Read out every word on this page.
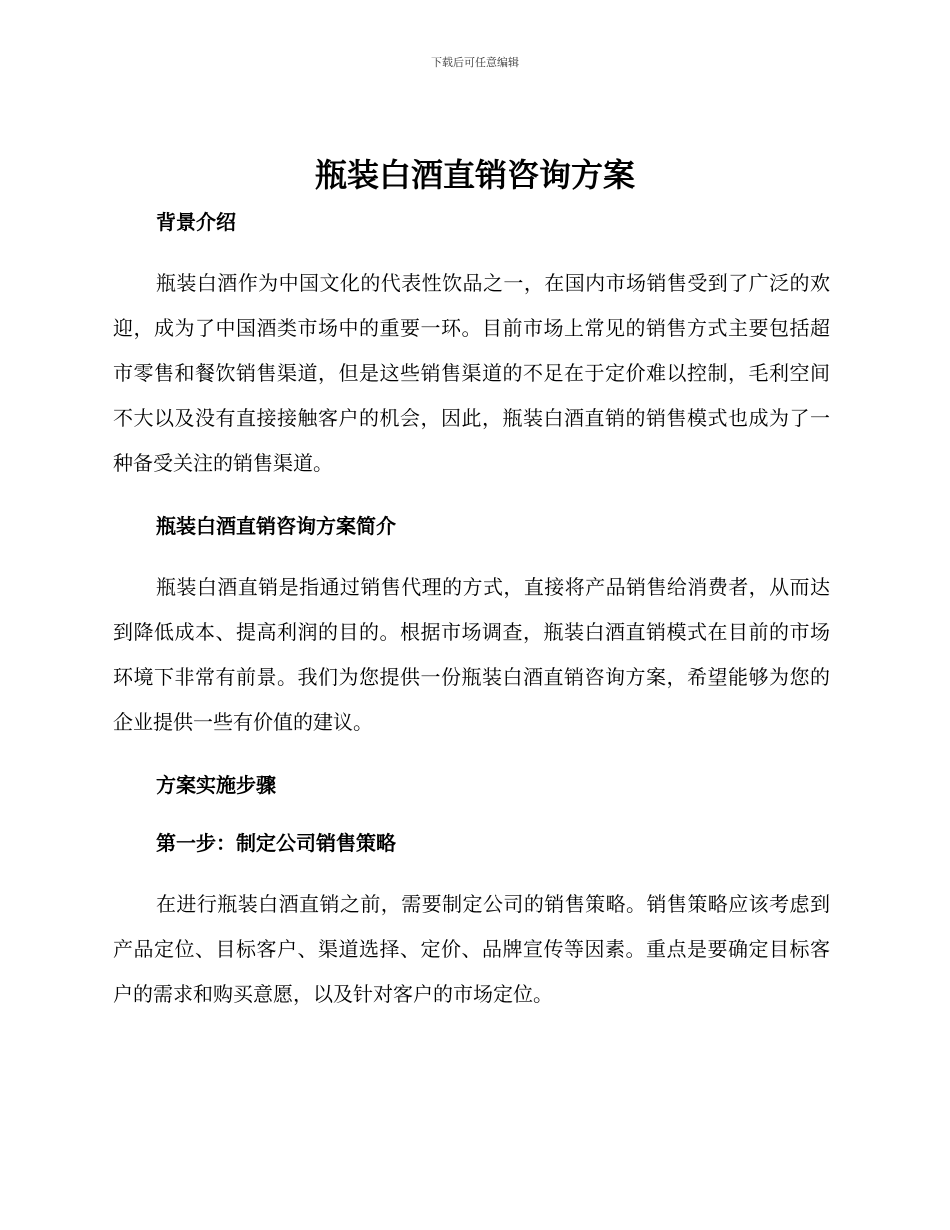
下载后可任意编辑
瓶装白酒直销咨询方案

背景介绍

瓶装白酒作为中国文化的代表性饮品之一，在国内市场销售受到了广泛的欢迎，成为了中国酒类市场中的重要一环。目前市场上常见的销售方式主要包括超市零售和餐饮销售渠道，但是这些销售渠道的不足在于定价难以控制，毛利空间不大以及没有直接接触客户的机会，因此，瓶装白酒直销的销售模式也成为了一种备受关注的销售渠道。

瓶装白酒直销咨询方案简介

瓶装白酒直销是指通过销售代理的方式，直接将产品销售给消费者，从而达到降低成本、提高利润的目的。根据市场调查，瓶装白酒直销模式在目前的市场环境下非常有前景。我们为您提供一份瓶装白酒直销咨询方案，希望能够为您的企业提供一些有价值的建议。

方案实施步骤

第一步：制定公司销售策略

在进行瓶装白酒直销之前，需要制定公司的销售策略。销售策略应该考虑到产品定位、目标客户、渠道选择、定价、品牌宣传等因素。重点是要确定目标客户的需求和购买意愿，以及针对客户的市场定位。
